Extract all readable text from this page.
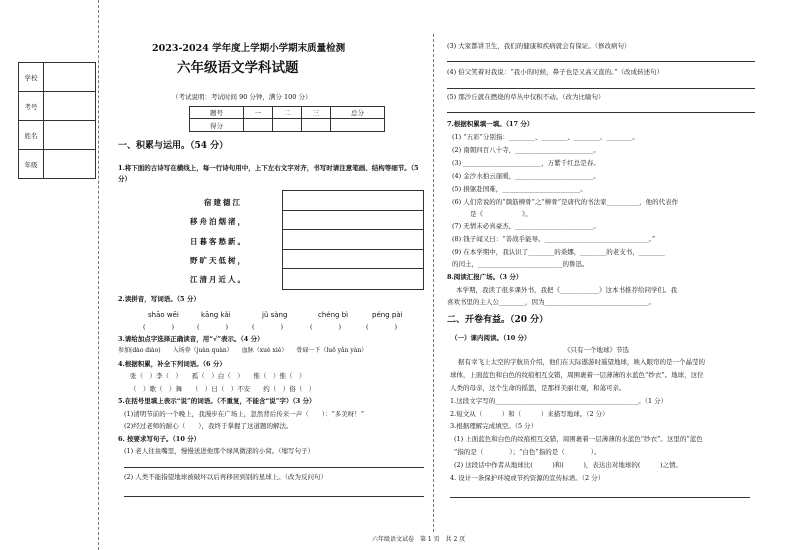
学校	
考号	
姓名	
年级	
2023-2024 学年度上学期小学期末质量检测
六年级语文学科试题
（考试说明：考试时间 90 分钟，满分 100 分）
题号	一	二	三	总分
得分				
一、积累与运用。（54 分）
1.将下面的古诗写在横线上，每一行诗句用中，上下左右文字对齐，书写时请注意笔画、结构等细节。（5 分）
宿建德江
移舟泊烟渚，
日暮客愁新。
野旷天低树，
江清月近人。
2.读拼音，写词语。（5 分）
shāo wēi	kāng kǎi	jǔ sàng	chéng bì	péng pài
(　　　　)	(　　　　)	(　　　　)	(　　　　)	(　　　　)
3.请给加点字选择正确读音，用“√”表示。（4 分）
参加(dào diào)　　入场券（juàn quàn）　　血脉（xuè xiě）　　骨碌一下（luō yǎn yàn）
4.根据积累，补全下列词语。（6 分）
张（　）李（　）　　孤（　）白（　）　　惟（　）惟（　）
（　）歌（　）舞　　（　）日（　）不安　　约（　）俗（　）
5.在括号里填上表示“说”的词语。（不重复，不能含“说”字）（3 分）
(1)清明节前的一个晚上，我漫步在广场上，忽然背后传来一声（　　）：“多美呀！”
(2)经过老师的耐心（　　），我终于掌握了这道题的解法。
6. 按要求写句子。（10 分）
(1) 老人往鱼嘴里，慢慢送进他那个绿风微漾的小窝。（缩写句子）
(2) 人类不能指望地球被破坏以后再移居到别的星球上。（改为反问句）
(3) 大家都讲卫生，我们的健康和疾病就会有保证。（修改病句）
(4) 伯父笑着对我说：“我小的时候，鼻子也是又高又直的。”（改成转述句）
(5) 那沙丘就在燃烧的草丛中仅积不动。（改为比喻句）
7.根据积累填一填。（17 分）
(1) “五彩”分别指：________、________、________、________。
(2) 南朝四百八十寺，________________________。
(3) ________________________，万紫千红总是春。
(4) 金沙水拍云崖暖，________________________。
(5) 捐躯赴国难，________________________。
(6) 人们常说的的“颜筋柳骨”之“柳骨”是唐代的书法家__________，他的代表作
是《　　　　　　》。
(7) 无情未必真豪杰，________________________。
(8) 钱子闻又曰：“善战乎能导。________________________________。”
(9) 在本学期中，我认识了________的桑娜，________的老支书，________
的闰土，__________________________的鲁迅。
8.阅读汇报广场。（3 分）
本学期，我读了很多课外书，我把《____________》这本书推荐给同学们。我
喜欢书里的主人公________，因为________________________________。
二、开卷有益。（20 分）
（一）课内阅读。（10 分）
《只有一个地球》节选
据有幸飞上太空的宇航员介绍，他们在天际遨游时遥望地球，映入眼帘的是一个晶莹的
球体，上面蓝色和白色的纹痕相互交错，周围裹着一层薄薄的水蓝色“纱衣”。地球，这位
人类的母亲，这个生命的摇篮，是那样美丽壮观，和蔼可亲。
1.这段文字写的____________________________________________。（1 分）
2.短文从（　　　）和（　　　）来描写地球。（2 分）
3.根据理解完成填空。（5 分）
(1) 上面蓝色和白色的纹痕相互交错，周围裹着一层薄薄的水蓝色“纱衣”。这里的“蓝色
”指的是（　　　　）；“白色”指的是（　　　　）。
(2) 这段话中作者从地球比(　　　)和(　　　)，表达出对地球的(　　　)之情。
4. 设计一条保护环境或节约资源的宣传标语。（2 分）
六年级语文试卷　第 1 页　共 2 页
